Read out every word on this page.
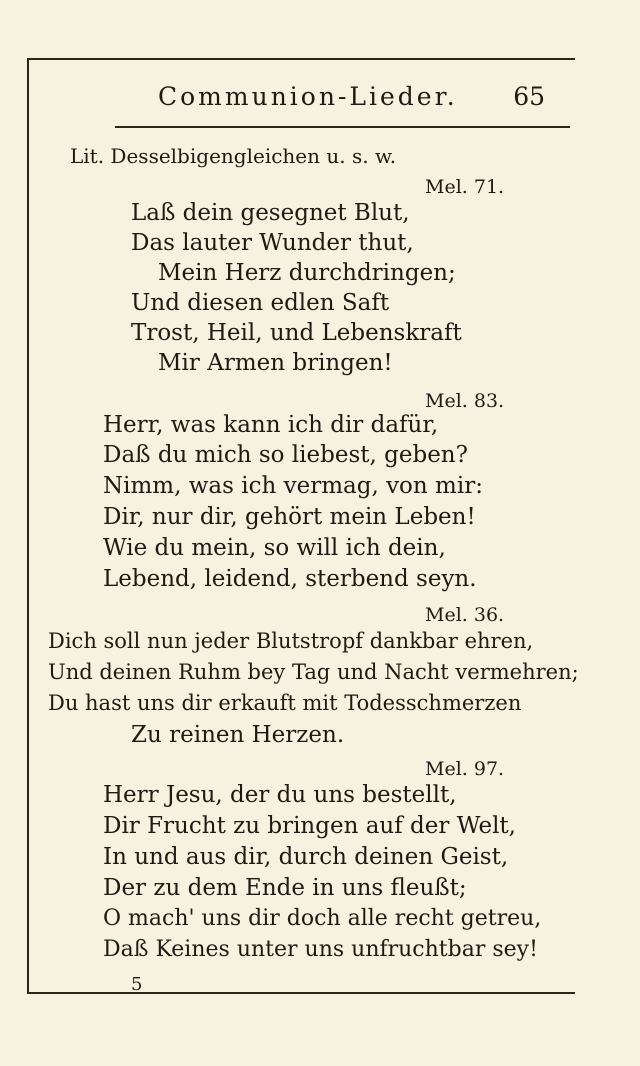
Communion-Lieder. 65
Lit. Desselbigengleichen u. s. w.
Mel. 71.
Laß dein gesegnet Blut,
Das lauter Wunder thut,
Mein Herz durchdringen;
Und diesen edlen Saft
Trost, Heil, und Lebenskraft
Mir Armen bringen!
Mel. 83.
Herr, was kann ich dir dafür,
Daß du mich so liebest, geben?
Nimm, was ich vermag, von mir:
Dir, nur dir, gehört mein Leben!
Wie du mein, so will ich dein,
Lebend, leidend, sterbend seyn.
Mel. 36.
Dich soll nun jeder Blutstropf dankbar ehren,
Und deinen Ruhm bey Tag und Nacht vermehren;
Du hast uns dir erkauft mit Todesschmerzen
Zu reinen Herzen.
Mel. 97.
Herr Jesu, der du uns bestellt,
Dir Frucht zu bringen auf der Welt,
In und aus dir, durch deinen Geist,
Der zu dem Ende in uns fleußt;
O mach' uns dir doch alle recht getreu,
Daß Keines unter uns unfruchtbar sey!
5
